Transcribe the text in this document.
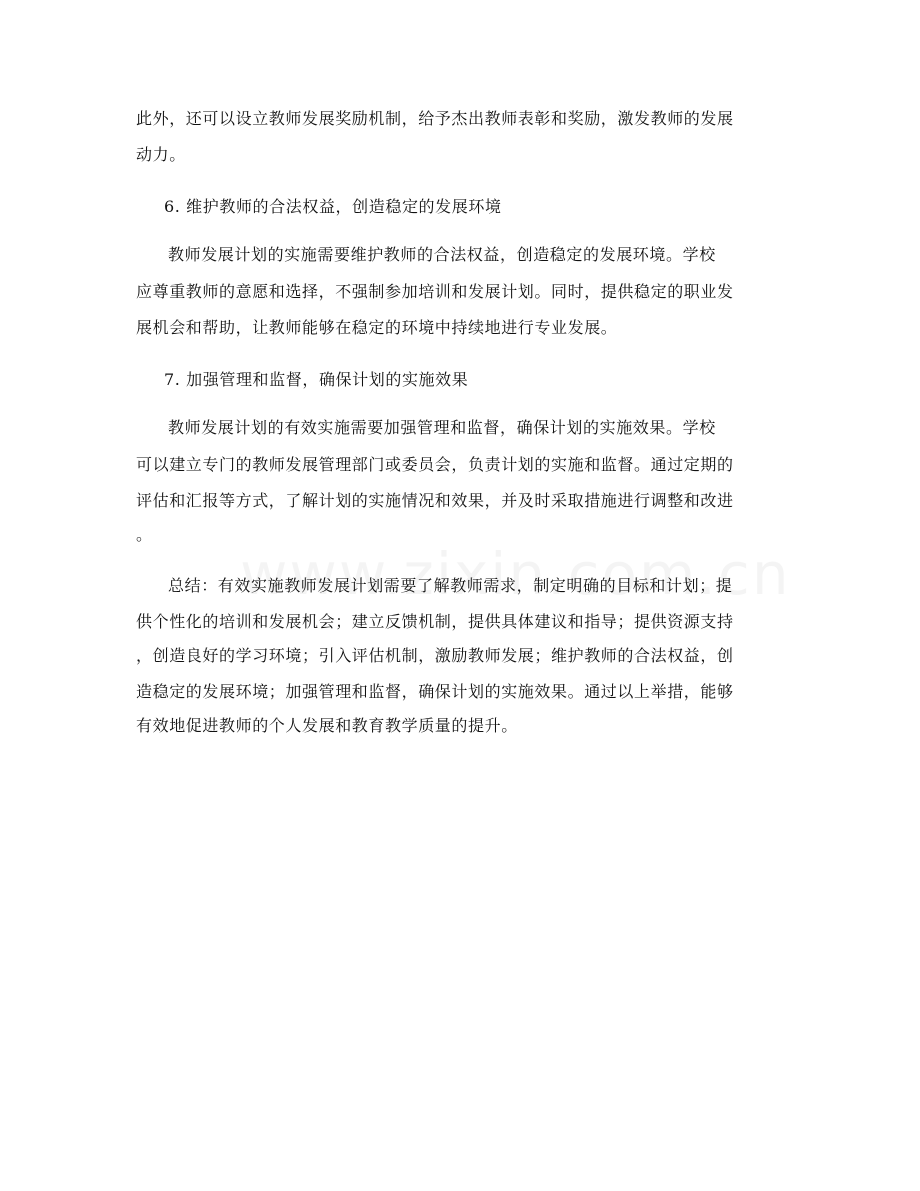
此外，还可以设立教师发展奖励机制，给予杰出教师表彰和奖励，激发教师的发展
动力。
6. 维护教师的合法权益，创造稳定的发展环境
教师发展计划的实施需要维护教师的合法权益，创造稳定的发展环境。学校
应尊重教师的意愿和选择，不强制参加培训和发展计划。同时，提供稳定的职业发
展机会和帮助，让教师能够在稳定的环境中持续地进行专业发展。
7. 加强管理和监督，确保计划的实施效果
教师发展计划的有效实施需要加强管理和监督，确保计划的实施效果。学校
可以建立专门的教师发展管理部门或委员会，负责计划的实施和监督。通过定期的
评估和汇报等方式，了解计划的实施情况和效果，并及时采取措施进行调整和改进
。
总结：有效实施教师发展计划需要了解教师需求，制定明确的目标和计划；提
供个性化的培训和发展机会；建立反馈机制，提供具体建议和指导；提供资源支持
，创造良好的学习环境；引入评估机制，激励教师发展；维护教师的合法权益，创
造稳定的发展环境；加强管理和监督，确保计划的实施效果。通过以上举措，能够
有效地促进教师的个人发展和教育教学质量的提升。
